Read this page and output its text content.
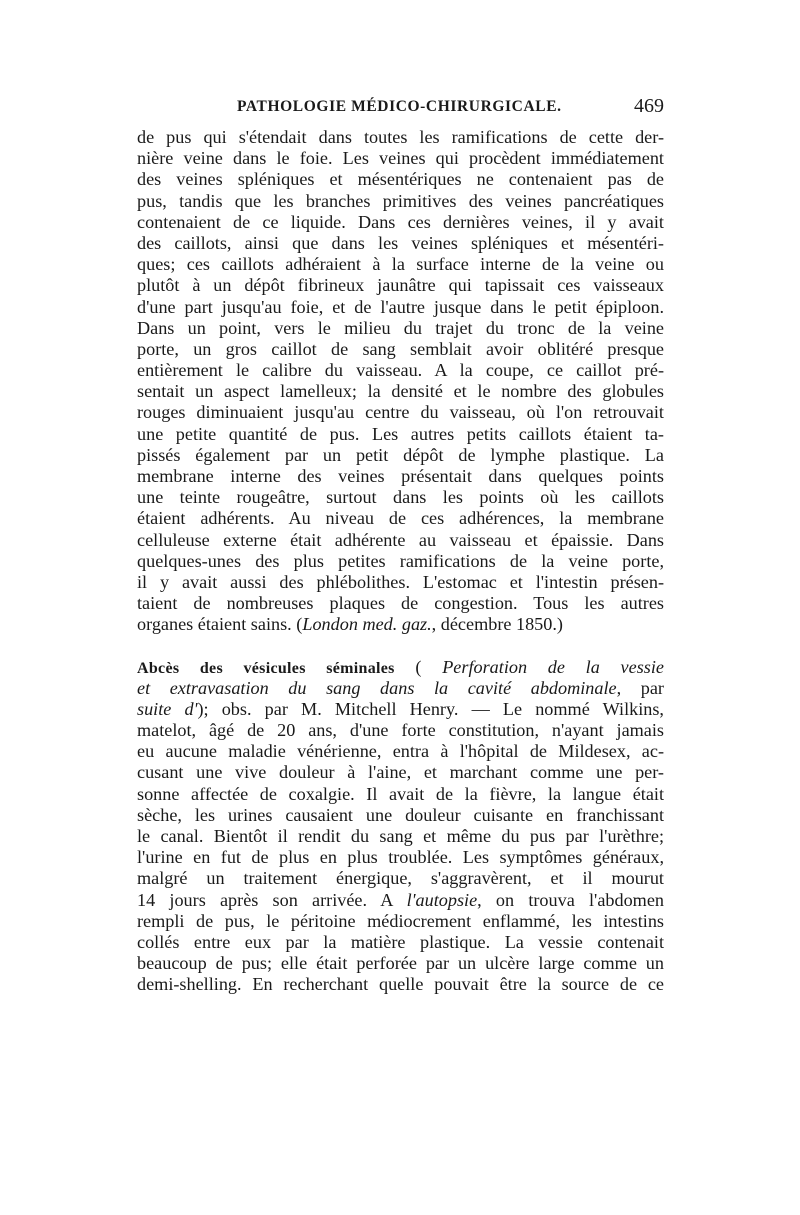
PATHOLOGIE MÉDICO-CHIRURGICALE.	469
de pus qui s'étendait dans toutes les ramifications de cette der-
nière veine dans le foie. Les veines qui procèdent immédiatement
des veines spléniques et mésentériques ne contenaient pas de
pus, tandis que les branches primitives des veines pancréatiques
contenaient de ce liquide. Dans ces dernières veines, il y avait
des caillots, ainsi que dans les veines spléniques et mésentéri-
ques; ces caillots adhéraient à la surface interne de la veine ou
plutôt à un dépôt fibrineux jaunâtre qui tapissait ces vaisseaux
d'une part jusqu'au foie, et de l'autre jusque dans le petit épiploon.
Dans un point, vers le milieu du trajet du tronc de la veine
porte, un gros caillot de sang semblait avoir oblitéré presque
entièrement le calibre du vaisseau. A la coupe, ce caillot pré-
sentait un aspect lamelleux; la densité et le nombre des globules
rouges diminuaient jusqu'au centre du vaisseau, où l'on retrouvait
une petite quantité de pus. Les autres petits caillots étaient ta-
pissés également par un petit dépôt de lymphe plastique. La
membrane interne des veines présentait dans quelques points
une teinte rougeâtre, surtout dans les points où les caillots
étaient adhérents. Au niveau de ces adhérences, la membrane
celluleuse externe était adhérente au vaisseau et épaissie. Dans
quelques-unes des plus petites ramifications de la veine porte,
il y avait aussi des phlébolithes. L'estomac et l'intestin présen-
taient de nombreuses plaques de congestion. Tous les autres
organes étaient sains. (London med. gaz., décembre 1850.)
Abcès des vésicules séminales ( Perforation de la vessie
et extravasation du sang dans la cavité abdominale, par
suite d'); obs. par M. Mitchell Henry. — Le nommé Wilkins,
matelot, âgé de 20 ans, d'une forte constitution, n'ayant jamais
eu aucune maladie vénérienne, entra à l'hôpital de Mildesex, ac-
cusant une vive douleur à l'aine, et marchant comme une per-
sonne affectée de coxalgie. Il avait de la fièvre, la langue était
sèche, les urines causaient une douleur cuisante en franchissant
le canal. Bientôt il rendit du sang et même du pus par l'urèthre;
l'urine en fut de plus en plus troublée. Les symptômes généraux,
malgré un traitement énergique, s'aggravèrent, et il mourut
14 jours après son arrivée. A l'autopsie, on trouva l'abdomen
rempli de pus, le péritoine médiocrement enflammé, les intestins
collés entre eux par la matière plastique. La vessie contenait
beaucoup de pus; elle était perforée par un ulcère large comme un
demi-shelling. En recherchant quelle pouvait être la source de ce
